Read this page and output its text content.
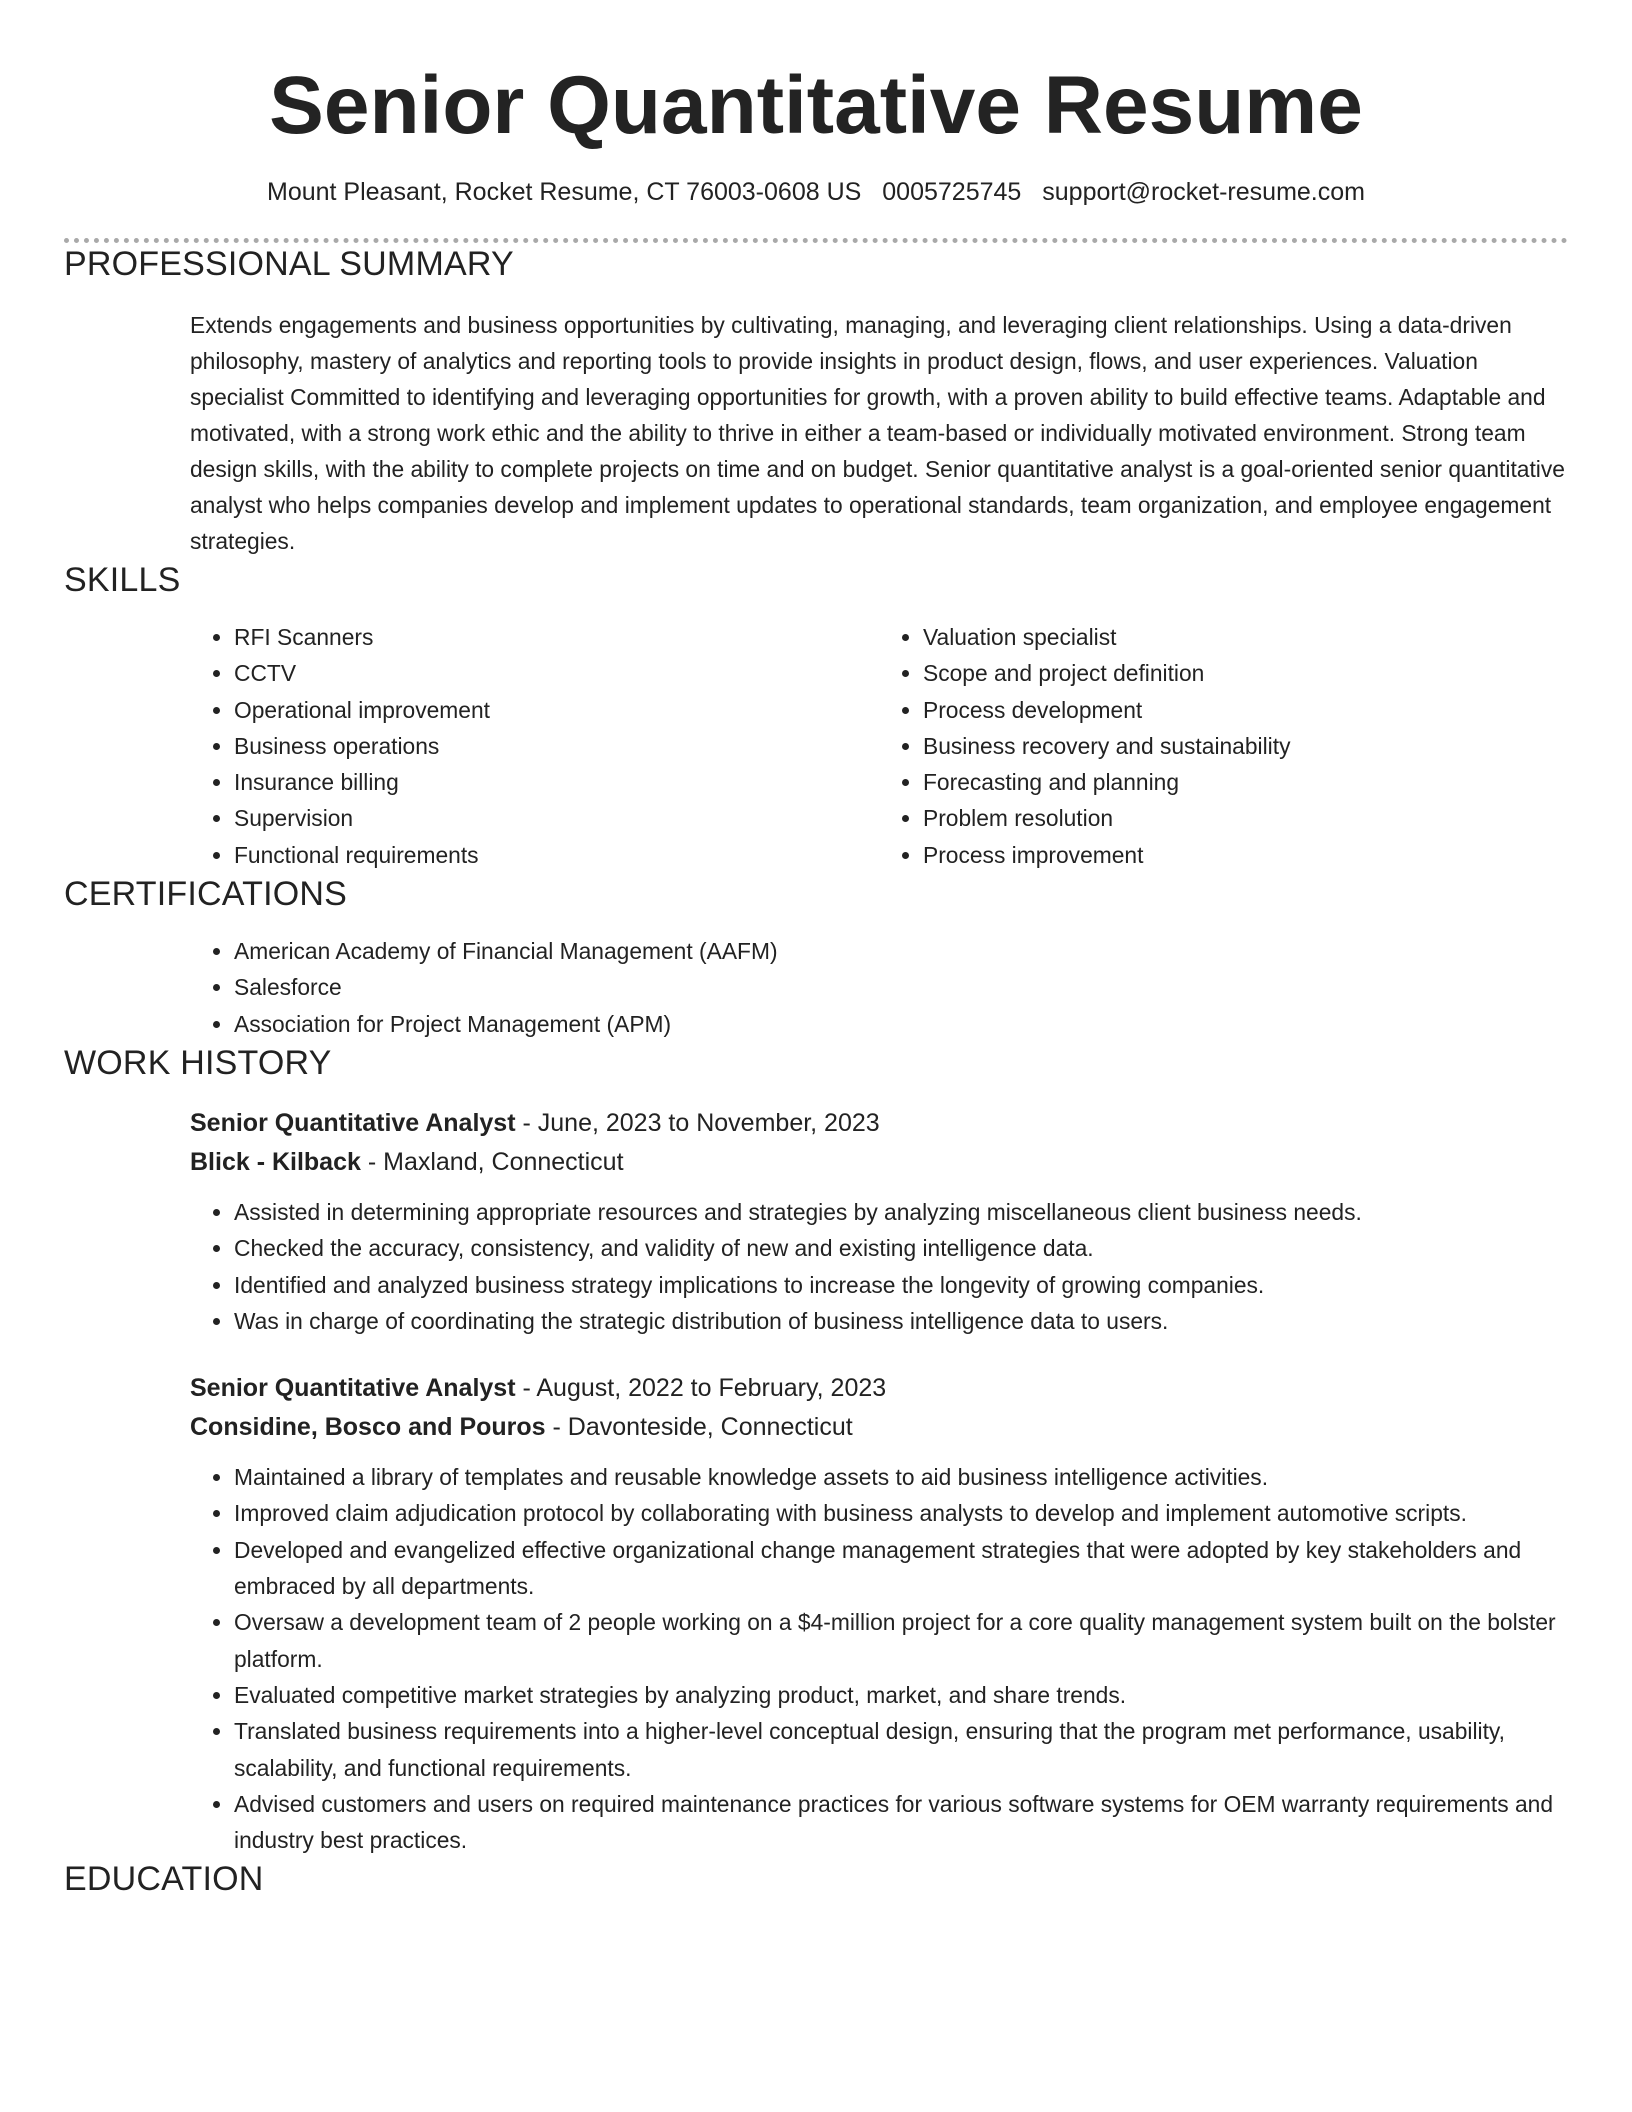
Senior Quantitative Resume
Mount Pleasant, Rocket Resume, CT 76003-0608 US 0005725745 support@rocket-resume.com
PROFESSIONAL SUMMARY

Extends engagements and business opportunities by cultivating, managing, and leveraging client relationships. Using a data-driven philosophy, mastery of analytics and reporting tools to provide insights in product design, flows, and user experiences. Valuation specialist Committed to identifying and leveraging opportunities for growth, with a proven ability to build effective teams. Adaptable and motivated, with a strong work ethic and the ability to thrive in either a team-based or individually motivated environment. Strong team design skills, with the ability to complete projects on time and on budget. Senior quantitative analyst is a goal-oriented senior quantitative analyst who helps companies develop and implement updates to operational standards, team organization, and employee engagement strategies.

SKILLS
• RFI Scanners
• CCTV
• Operational improvement
• Business operations
• Insurance billing
• Supervision
• Functional requirements
• Valuation specialist
• Scope and project definition
• Process development
• Business recovery and sustainability
• Forecasting and planning
• Problem resolution
• Process improvement
CERTIFICATIONS
• American Academy of Financial Management (AAFM)
• Salesforce
• Association for Project Management (APM)
WORK HISTORY
Senior Quantitative Analyst - June, 2023 to November, 2023
Blick - Kilback - Maxland, Connecticut
• Assisted in determining appropriate resources and strategies by analyzing miscellaneous client business needs.
• Checked the accuracy, consistency, and validity of new and existing intelligence data.
• Identified and analyzed business strategy implications to increase the longevity of growing companies.
• Was in charge of coordinating the strategic distribution of business intelligence data to users.
Senior Quantitative Analyst - August, 2022 to February, 2023
Considine, Bosco and Pouros - Davonteside, Connecticut
• Maintained a library of templates and reusable knowledge assets to aid business intelligence activities.
• Improved claim adjudication protocol by collaborating with business analysts to develop and implement automotive scripts.
• Developed and evangelized effective organizational change management strategies that were adopted by key stakeholders and embraced by all departments.
• Oversaw a development team of 2 people working on a $4-million project for a core quality management system built on the bolster platform.
• Evaluated competitive market strategies by analyzing product, market, and share trends.
• Translated business requirements into a higher-level conceptual design, ensuring that the program met performance, usability, scalability, and functional requirements.
• Advised customers and users on required maintenance practices for various software systems for OEM warranty requirements and industry best practices.
EDUCATION
